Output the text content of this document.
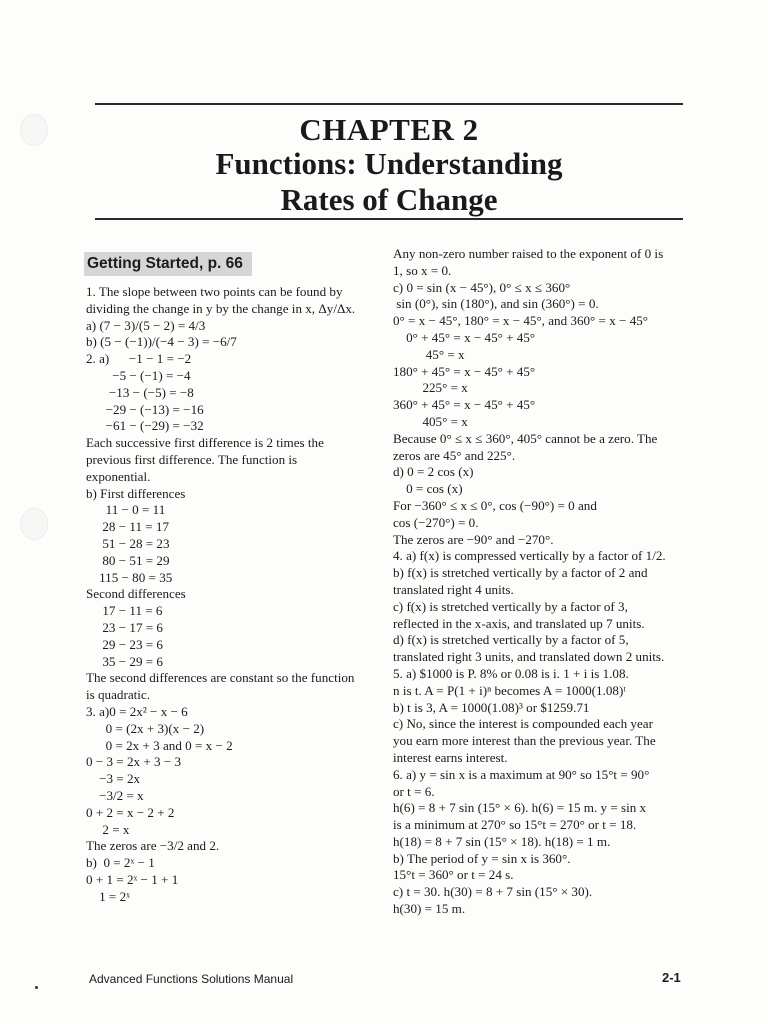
CHAPTER 2
Functions: Understanding
Rates of Change
Getting Started, p. 66
1. The slope between two points can be found by
dividing the change in y by the change in x, Δy/Δx.
a) (7 − 3)/(5 − 2) = 4/3
b) (5 − (−1))/(−4 − 3) = −6/7
2. a)      −1 − 1 = −2
−5 − (−1) = −4
−13 − (−5) = −8
−29 − (−13) = −16
−61 − (−29) = −32
Each successive first difference is 2 times the
previous first difference. The function is
exponential.
b) First differences
11 − 0 = 11
28 − 11 = 17
51 − 28 = 23
80 − 51 = 29
115 − 80 = 35
Second differences
17 − 11 = 6
23 − 17 = 6
29 − 23 = 6
35 − 29 = 6
The second differences are constant so the function
is quadratic.
3. a)0 = 2x² − x − 6
0 = (2x + 3)(x − 2)
0 = 2x + 3 and 0 = x − 2
0 − 3 = 2x + 3 − 3
−3 = 2x
−3/2 = x
0 + 2 = x − 2 + 2
2 = x
The zeros are −3/2 and 2.
b)  0 = 2ˣ − 1
0 + 1 = 2ˣ − 1 + 1
1 = 2ˣ
Any non-zero number raised to the exponent of 0 is
1, so x = 0.
c) 0 = sin (x − 45°), 0° ≤ x ≤ 360°
sin (0°), sin (180°), and sin (360°) = 0.
0° = x − 45°, 180° = x − 45°, and 360° = x − 45°
0° + 45° = x − 45° + 45°
45° = x
180° + 45° = x − 45° + 45°
225° = x
360° + 45° = x − 45° + 45°
405° = x
Because 0° ≤ x ≤ 360°, 405° cannot be a zero. The
zeros are 45° and 225°.
d) 0 = 2 cos (x)
0 = cos (x)
For −360° ≤ x ≤ 0°, cos (−90°) = 0 and
cos (−270°) = 0.
The zeros are −90° and −270°.
4. a) f(x) is compressed vertically by a factor of 1/2.
b) f(x) is stretched vertically by a factor of 2 and
translated right 4 units.
c) f(x) is stretched vertically by a factor of 3,
reflected in the x-axis, and translated up 7 units.
d) f(x) is stretched vertically by a factor of 5,
translated right 3 units, and translated down 2 units.
5. a) $1000 is P. 8% or 0.08 is i. 1 + i is 1.08.
n is t. A = P(1 + i)ⁿ becomes A = 1000(1.08)ᵗ
b) t is 3, A = 1000(1.08)³ or $1259.71
c) No, since the interest is compounded each year
you earn more interest than the previous year. The
interest earns interest.
6. a) y = sin x is a maximum at 90° so 15°t = 90°
or t = 6.
h(6) = 8 + 7 sin (15° × 6). h(6) = 15 m. y = sin x
is a minimum at 270° so 15°t = 270° or t = 18.
h(18) = 8 + 7 sin (15° × 18). h(18) = 1 m.
b) The period of y = sin x is 360°.
15°t = 360° or t = 24 s.
c) t = 30. h(30) = 8 + 7 sin (15° × 30).
h(30) = 15 m.
Advanced Functions Solutions Manual	2-1
